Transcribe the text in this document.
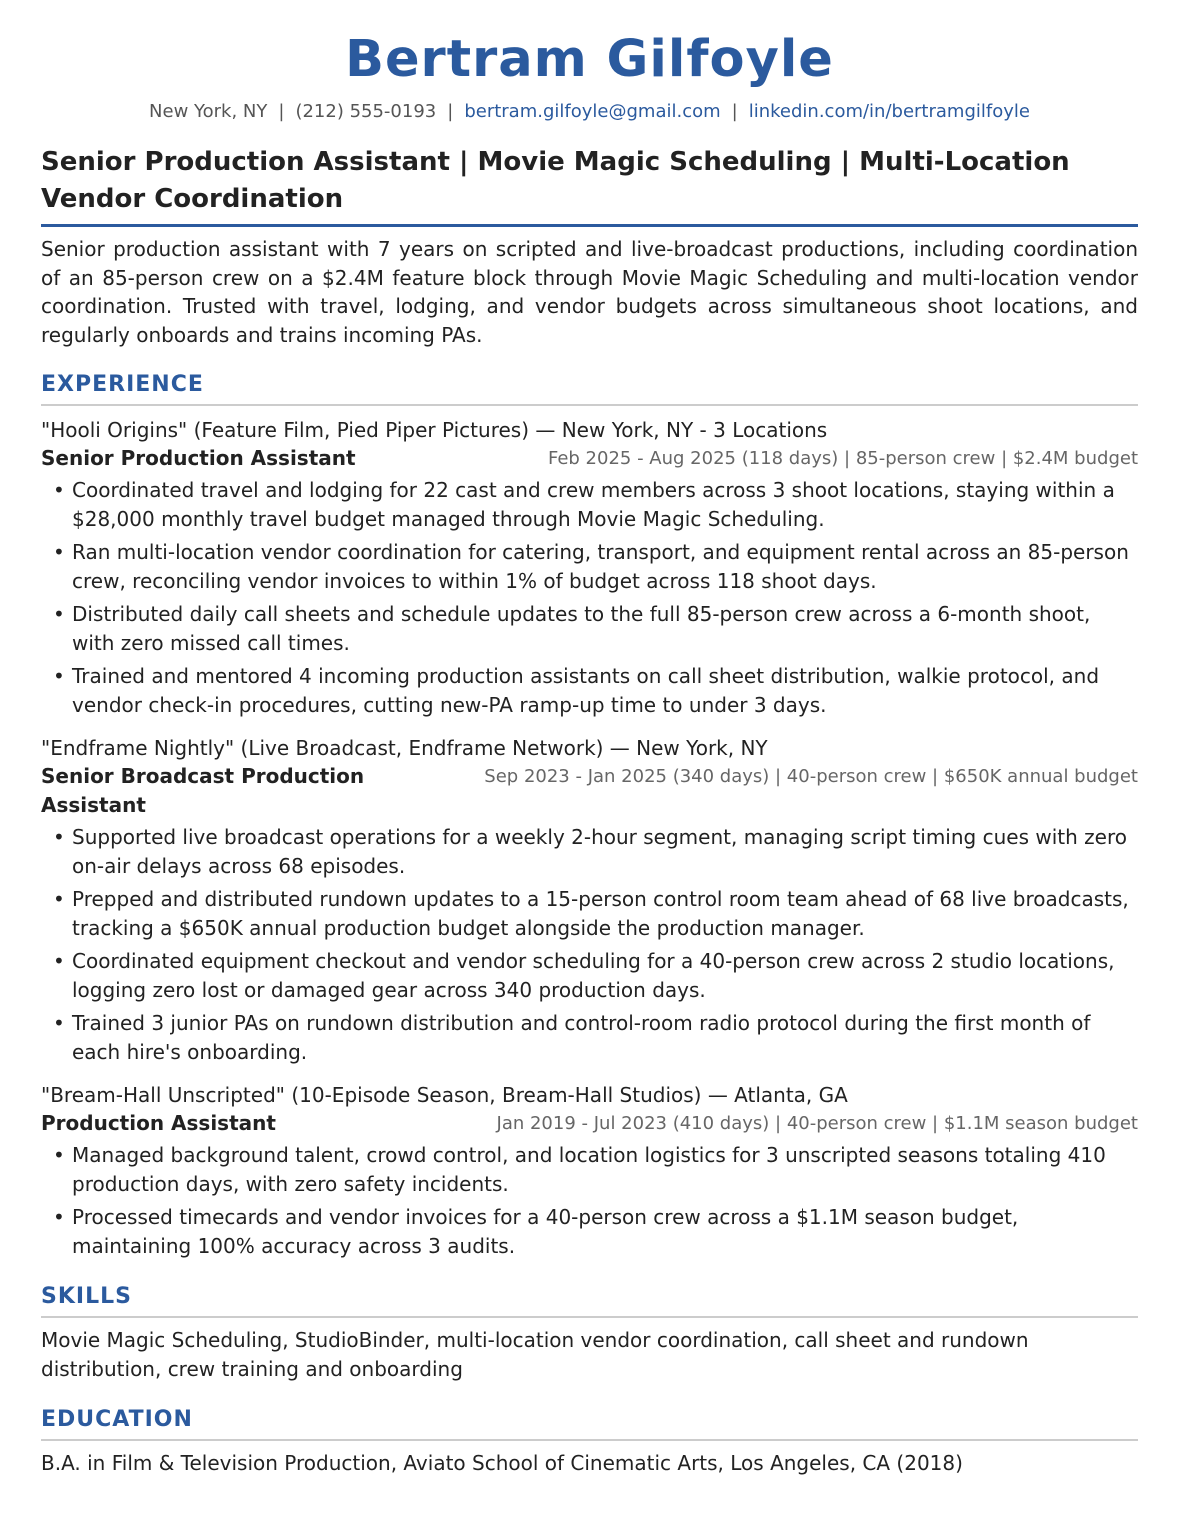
Bertram Gilfoyle
New York, NY | (212) 555-0193 | bertram.gilfoyle@gmail.com | linkedin.com/in/bertramgilfoyle
Senior Production Assistant | Movie Magic Scheduling | Multi-Location Vendor Coordination
Senior production assistant with 7 years on scripted and live-broadcast productions, including coordination of an 85-person crew on a $2.4M feature block through Movie Magic Scheduling and multi-location vendor coordination. Trusted with travel, lodging, and vendor budgets across simultaneous shoot locations, and regularly onboards and trains incoming PAs.
EXPERIENCE
"Hooli Origins" (Feature Film, Pied Piper Pictures) — New York, NY - 3 Locations
Senior Production Assistant	Feb 2025 - Aug 2025 (118 days) | 85-person crew | $2.4M budget
• Coordinated travel and lodging for 22 cast and crew members across 3 shoot locations, staying within a $28,000 monthly travel budget managed through Movie Magic Scheduling.
• Ran multi-location vendor coordination for catering, transport, and equipment rental across an 85-person crew, reconciling vendor invoices to within 1% of budget across 118 shoot days.
• Distributed daily call sheets and schedule updates to the full 85-person crew across a 6-month shoot, with zero missed call times.
• Trained and mentored 4 incoming production assistants on call sheet distribution, walkie protocol, and vendor check-in procedures, cutting new-PA ramp-up time to under 3 days.
"Endframe Nightly" (Live Broadcast, Endframe Network) — New York, NY
Senior Broadcast Production Assistant
Sep 2023 - Jan 2025 (340 days) | 40-person crew | $650K annual budget
• Supported live broadcast operations for a weekly 2-hour segment, managing script timing cues with zero on-air delays across 68 episodes.
• Prepped and distributed rundown updates to a 15-person control room team ahead of 68 live broadcasts, tracking a $650K annual production budget alongside the production manager.
• Coordinated equipment checkout and vendor scheduling for a 40-person crew across 2 studio locations, logging zero lost or damaged gear across 340 production days.
• Trained 3 junior PAs on rundown distribution and control-room radio protocol during the first month of each hire's onboarding.
"Bream-Hall Unscripted" (10-Episode Season, Bream-Hall Studios) — Atlanta, GA
Production Assistant	Jan 2019 - Jul 2023 (410 days) | 40-person crew | $1.1M season budget
• Managed background talent, crowd control, and location logistics for 3 unscripted seasons totaling 410 production days, with zero safety incidents.
• Processed timecards and vendor invoices for a 40-person crew across a $1.1M season budget, maintaining 100% accuracy across 3 audits.
SKILLS
Movie Magic Scheduling, StudioBinder, multi-location vendor coordination, call sheet and rundown distribution, crew training and onboarding
EDUCATION
B.A. in Film & Television Production, Aviato School of Cinematic Arts, Los Angeles, CA (2018)
